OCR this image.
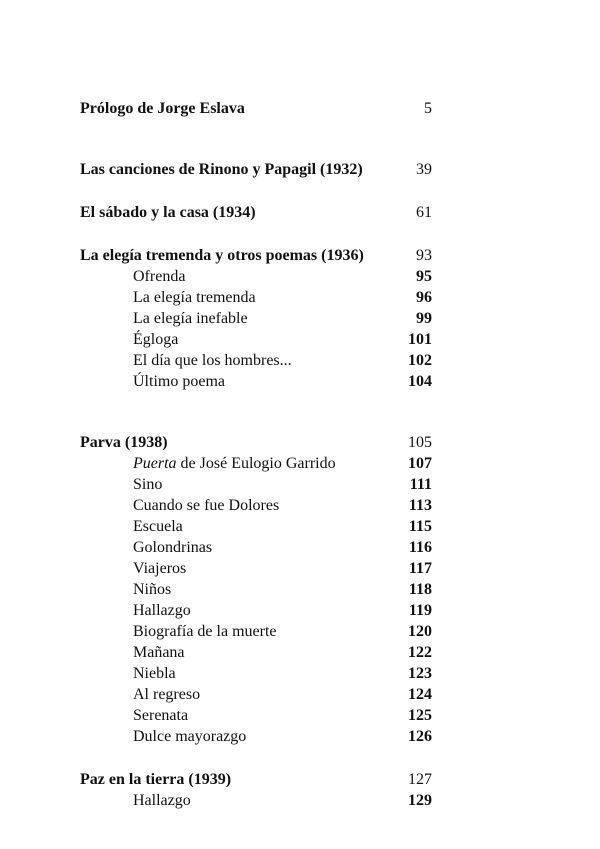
Prólogo de Jorge Eslava	5
Las canciones de Rinono y Papagil (1932)	39
El sábado y la casa (1934)	61
La elegía tremenda y otros poemas (1936)	93
Ofrenda	95
La elegía tremenda	96
La elegía inefable	99
Égloga	101
El día que los hombres...	102
Último poema	104
Parva (1938)	105
Puerta de José Eulogio Garrido	107
Sino	111
Cuando se fue Dolores	113
Escuela	115
Golondrinas	116
Viajeros	117
Niños	118
Hallazgo	119
Biografía de la muerte	120
Mañana	122
Niebla	123
Al regreso	124
Serenata	125
Dulce mayorazgo	126
Paz en la tierra (1939)	127
Hallazgo	129
